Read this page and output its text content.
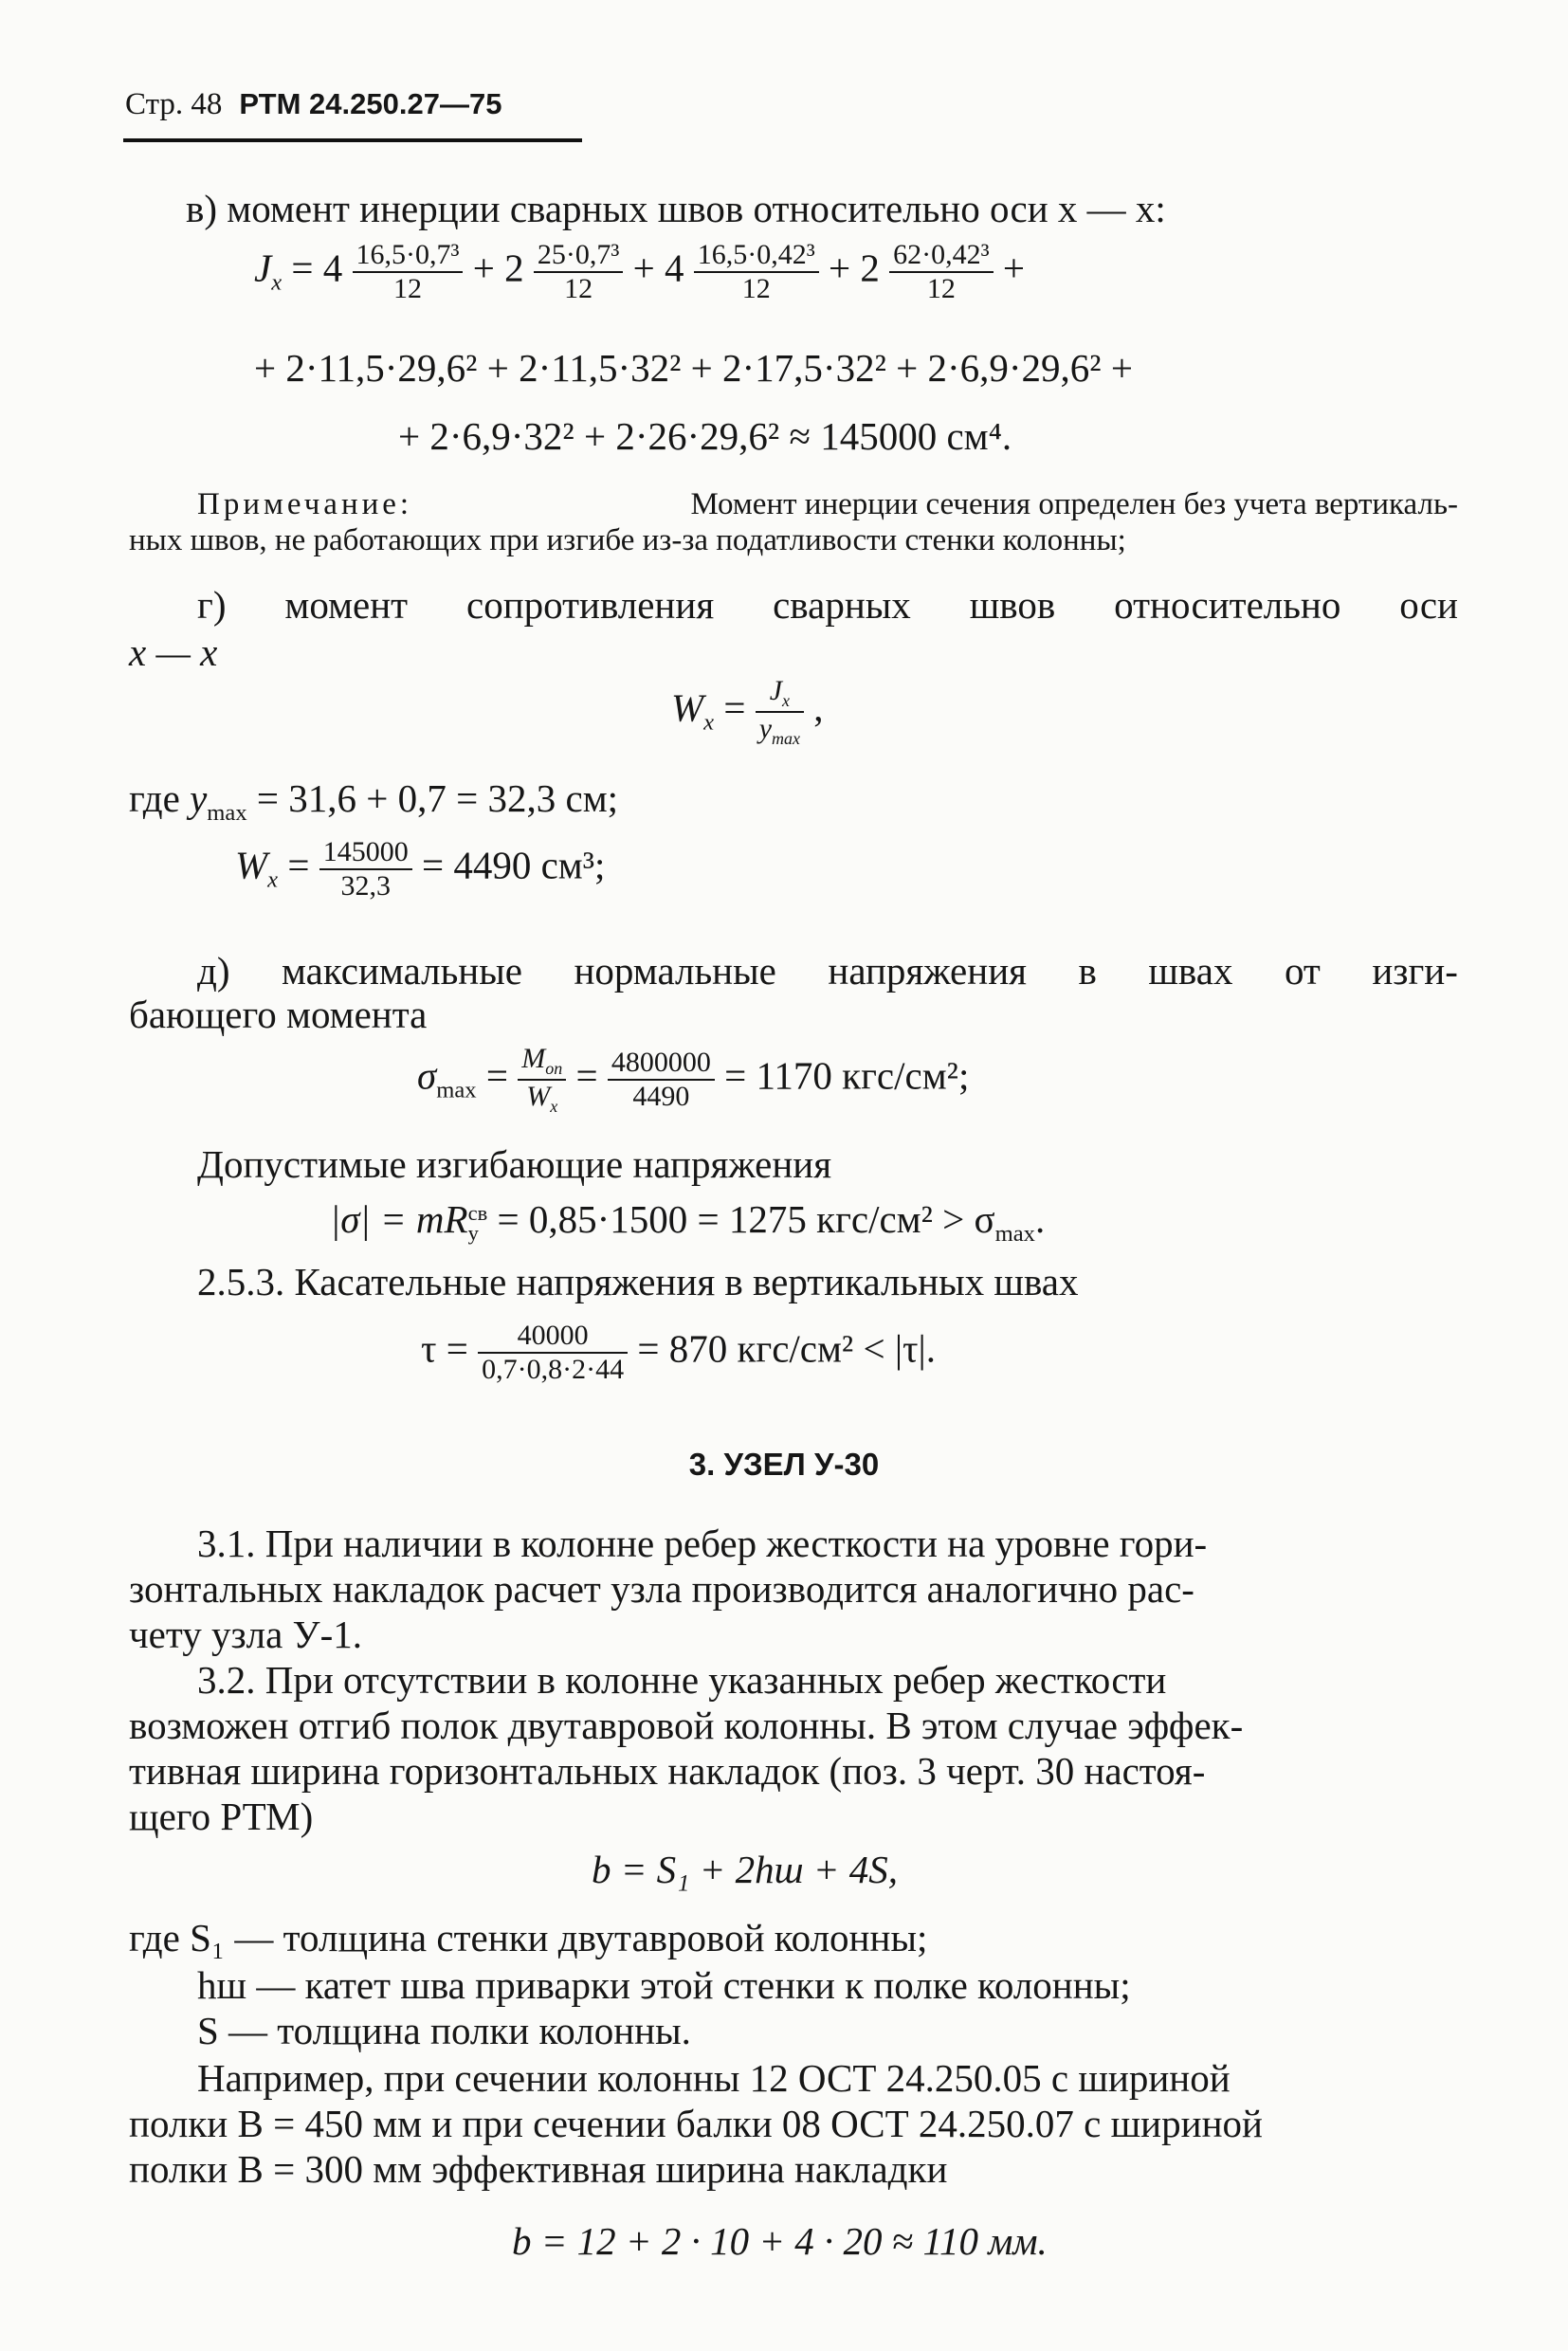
Стр. 48 РТМ 24.250.27—75
в) момент инерции сварных швов относительно оси x — x:
$J_x = 4 \frac{\text{16,5·0,7³}}{12} + 2 \frac{\text{25·0,7³}}{12} + 4 \frac{\text{16,5·0,42³}}{12} + 2 \frac{\text{62·0,42³}}{12}$ +
+ 2·11,5·29,6² + 2·11,5·32² + 2·17,5·32² + 2·6,9·29,6² +
+ 2·6,9·32² + 2·26·29,6² ≈ 145000 см⁴.
Примечание:	Момент инерции сечения определен без учета вертикаль-
ных швов, не работающих при изгибе из-за податливости стенки колонны;
г) момент сопротивления сварных швов относительно оси
x — x
$W_x = \frac{J_x}{y_{max}}$ ,
где $y_{max} = 31,6 + 0,7 = 32,3$ см;
$W_x = \frac{145000}{32,3} = 4490$ см³;
д) максимальные нормальные напряжения в швах от изги-
бающего момента
$\sigma_{max} = \frac{M_{оп}}{W_x} = \frac{4800000}{4490} = 1170$ кгс/см²;
Допустимые изгибающие напряжения
|σ| = mR св
у = 0,85·1500 = 1275 $кгс/см^2 > \sigma_{max}$.
2.5.3. Касательные напряжения в вертикальных швах
$\tau = \frac{40000}{0,7\cdot 0,8\cdot 2\cdot 44} = 870$ кгс/см² < |τ|.
3. УЗЕЛ У-30
3.1. При наличии в колонне ребер жесткости на уровне гори-
зонтальных накладок расчет узла производится аналогично рас-
чету узла У-1.
3.2. При отсутствии в колонне указанных ребер жесткости
возможен отгиб полок двутавровой колонны. В этом случае эффек-
тивная ширина горизонтальных накладок (поз. 3 черт. 30 настоя-
щего РТМ)
b = S₁ + 2hш + 4S,
где S₁ — толщина стенки двутавровой колонны;
hш — катет шва приварки этой стенки к полке колонны;
S — толщина полки колонны.
Например, при сечении колонны 12 ОСТ 24.250.05 с шириной
полки B = 450 мм и при сечении балки 08 ОСТ 24.250.07 с шириной
полки B = 300 мм эффективная ширина накладки
b = 12 + 2 · 10 + 4 · 20 ≈ 110 мм.
